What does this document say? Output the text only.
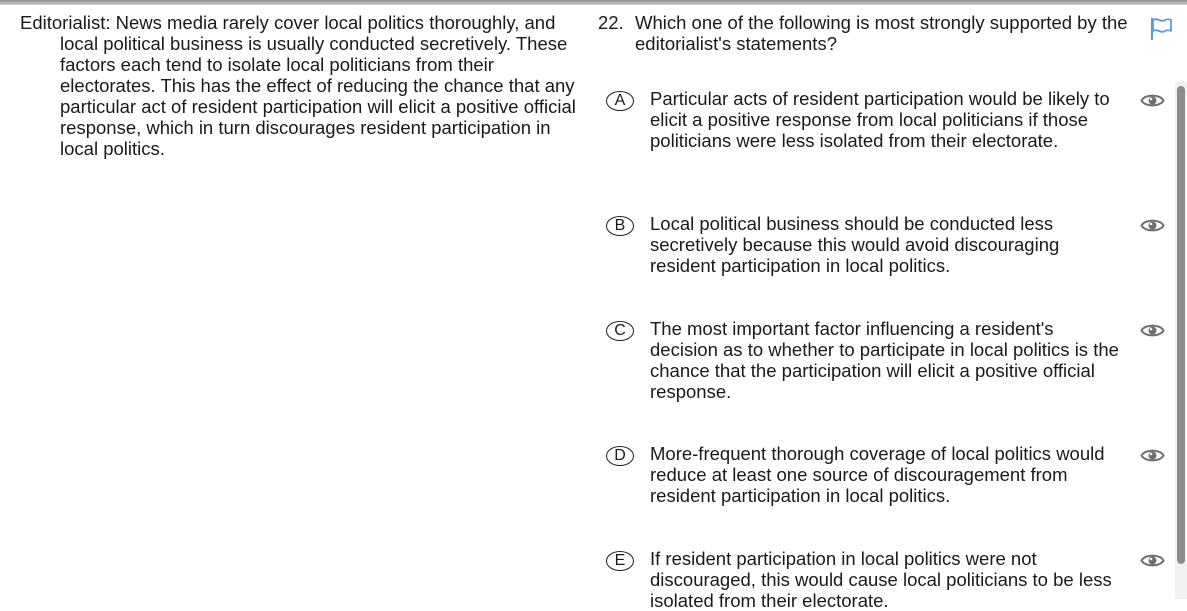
Editorialist: News media rarely cover local politics thoroughly, and local political business is usually conducted secretively. These factors each tend to isolate local politicians from their electorates. This has the effect of reducing the chance that any particular act of resident participation will elicit a positive official response, which in turn discourages resident participation in local politics.
22. Which one of the following is most strongly supported by the editorialist's statements?
A	Particular acts of resident participation would be likely to elicit a positive response from local politicians if those politicians were less isolated from their electorate.
B	Local political business should be conducted less secretively because this would avoid discouraging resident participation in local politics.
C	The most important factor influencing a resident's decision as to whether to participate in local politics is the chance that the participation will elicit a positive official response.
D	More-frequent thorough coverage of local politics would reduce at least one source of discouragement from resident participation in local politics.
E	If resident participation in local politics were not discouraged, this would cause local politicians to be less isolated from their electorate.
